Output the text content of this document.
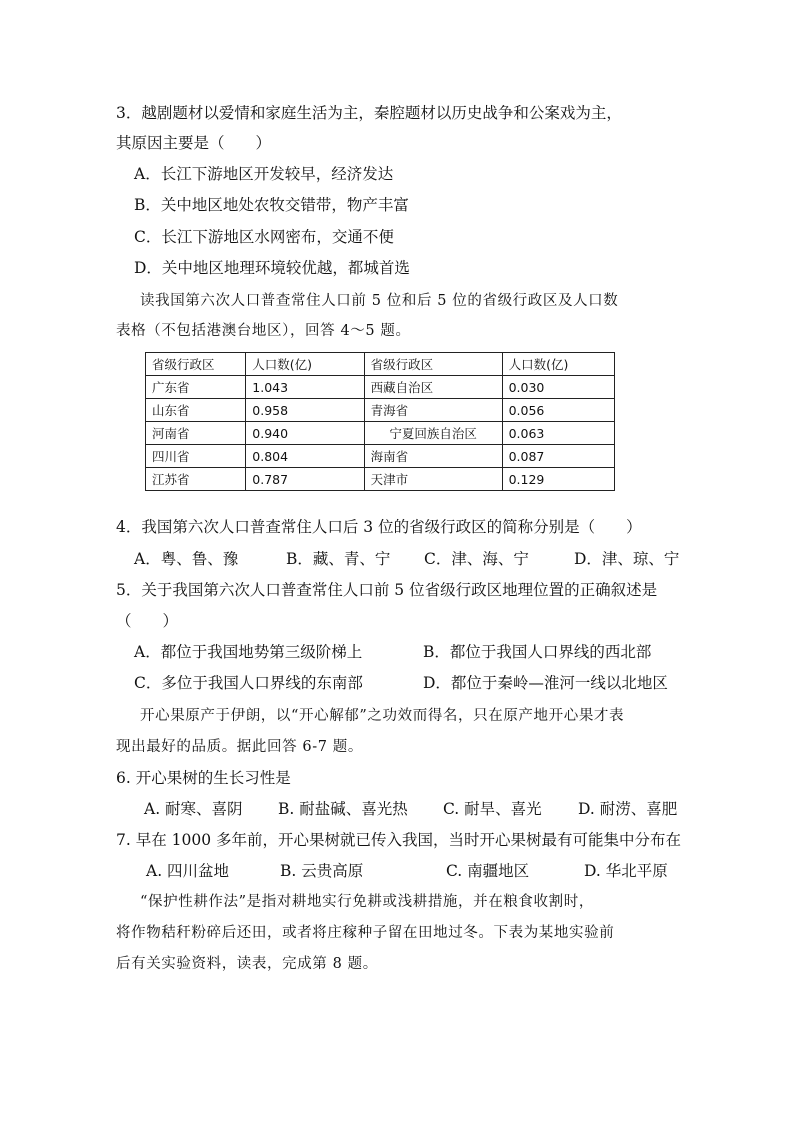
3．越剧题材以爱情和家庭生活为主，秦腔题材以历史战争和公案戏为主，
其原因主要是（　　）
A．长江下游地区开发较早，经济发达
B．关中地区地处农牧交错带，物产丰富
C．长江下游地区水网密布，交通不便
D．关中地区地理环境较优越，都城首选
读我国第六次人口普查常住人口前 5 位和后 5 位的省级行政区及人口数
表格（不包括港澳台地区），回答 4～5 题。
省级行政区	人口数(亿)	省级行政区	人口数(亿)
广东省	1.043	西藏自治区	0.030
山东省	0.958	青海省	0.056
河南省	0.940	宁夏回族自治区	0.063
四川省	0.804	海南省	0.087
江苏省	0.787	天津市	0.129
4．我国第六次人口普查常住人口后 3 位的省级行政区的简称分别是（　　）
A．粤、鲁、豫	B．藏、青、宁 C．津、海、宁	D．津、琼、宁
5．关于我国第六次人口普查常住人口前 5 位省级行政区地理位置的正确叙述是
（　　）
A．都位于我国地势第三级阶梯上	B．都位于我国人口界线的西北部
C．多位于我国人口界线的东南部	D．都位于秦岭—淮河一线以北地区
开心果原产于伊朗，以“开心解郁”之功效而得名，只在原产地开心果才表
现出最好的品质。据此回答 6-7 题。
6. 开心果树的生长习性是
A. 耐寒、喜阴 B. 耐盐碱、喜光热 C. 耐旱、喜光 D. 耐涝、喜肥
7. 早在 1000 多年前，开心果树就已传入我国，当时开心果树最有可能集中分布在
A. 四川盆地	B. 云贵高原	C. 南疆地区	D. 华北平原
“保护性耕作法”是指对耕地实行免耕或浅耕措施，并在粮食收割时，
将作物秸秆粉碎后还田，或者将庄稼种子留在田地过冬。下表为某地实验前
后有关实验资料，读表，完成第 8 题。
